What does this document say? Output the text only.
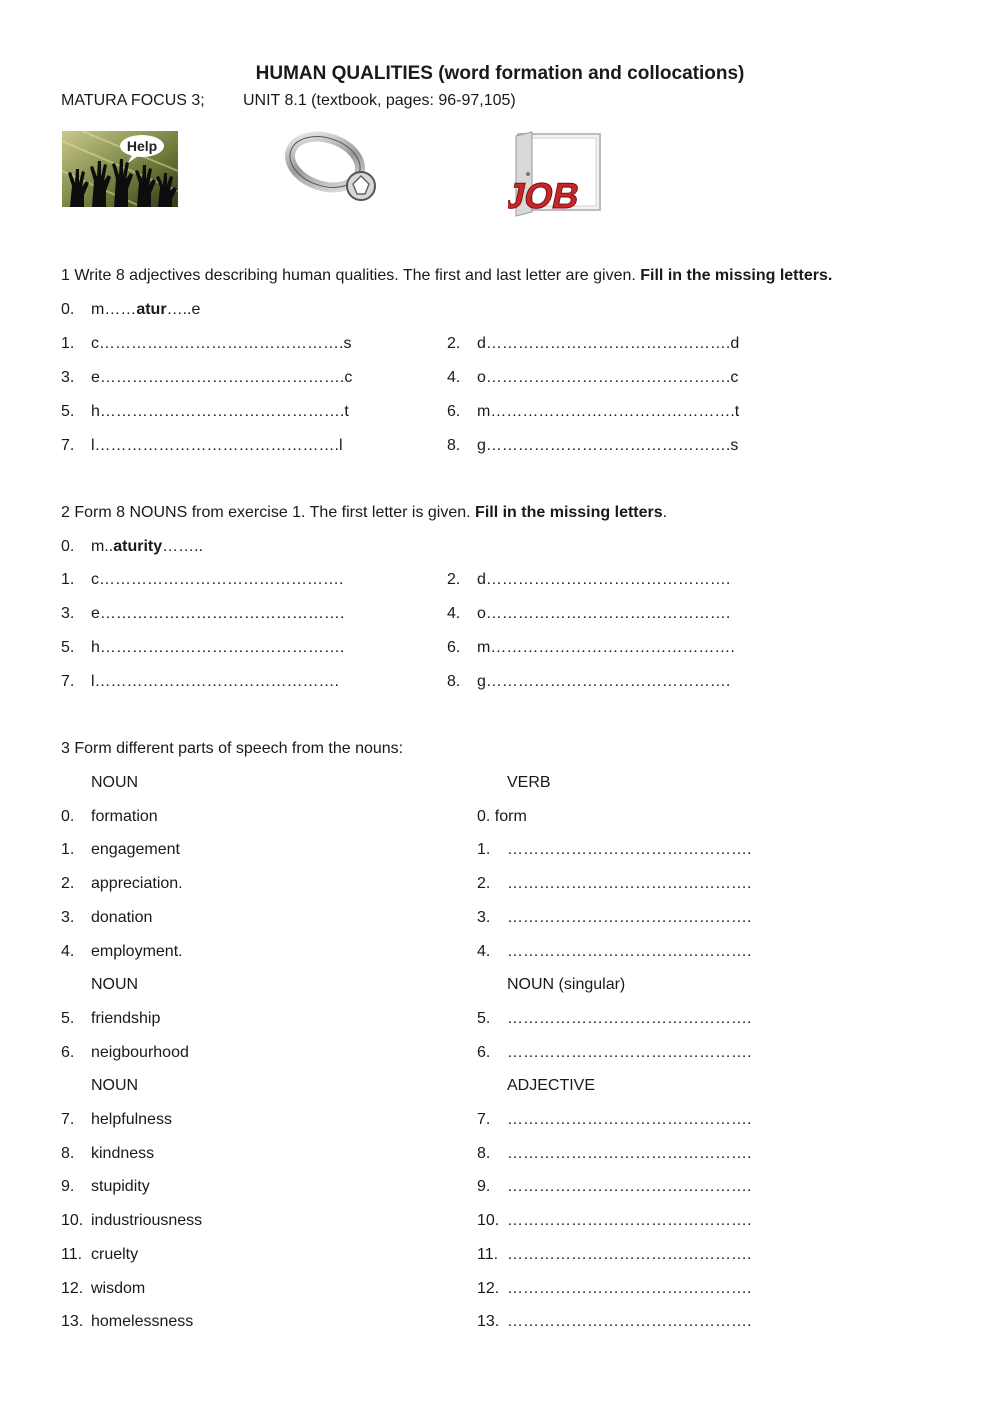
HUMAN QUALITIES (word formation and collocations)
MATURA FOCUS 3; UNIT 8.1 (textbook, pages: 96-97,105)
Help
JOB
1 Write 8 adjectives describing human qualities. The first and last letter are given. Fill in the missing letters.
0. m……atur…..e
1. c……………………………………….s	2. d……………………………………….d
3. e……………………………………….c	4. o……………………………………….c
5. h……………………………………….t	6. m……………………………………….t
7. l……………………………………….l	8. g……………………………………….s
2 Form 8 NOUNS from exercise 1. The first letter is given. Fill in the missing letters.
0. m..aturity……..
1. c……………………………………….	2. d……………………………………….
3. e……………………………………….	4. o……………………………………….
5. h……………………………………….	6. m……………………………………….
7. l……………………………………….	8. g……………………………………….
3 Form different parts of speech from the nouns:
NOUN	VERB
0. formation	0. form
1. engagement	1. ……………………………………….
2. appreciation.	2. ……………………………………….
3. donation	3. ……………………………………….
4. employment.	4. ……………………………………….
NOUN	NOUN (singular)
5. friendship	5. ……………………………………….
6. neigbourhood	6. ……………………………………….
NOUN	ADJECTIVE
7. helpfulness	7. ……………………………………….
8. kindness	8. ……………………………………….
9. stupidity	9. ……………………………………….
10. industriousness	10. ……………………………………….
11. cruelty	11. ……………………………………….
12. wisdom	12. ……………………………………….
13. homelessness	13. ……………………………………….
